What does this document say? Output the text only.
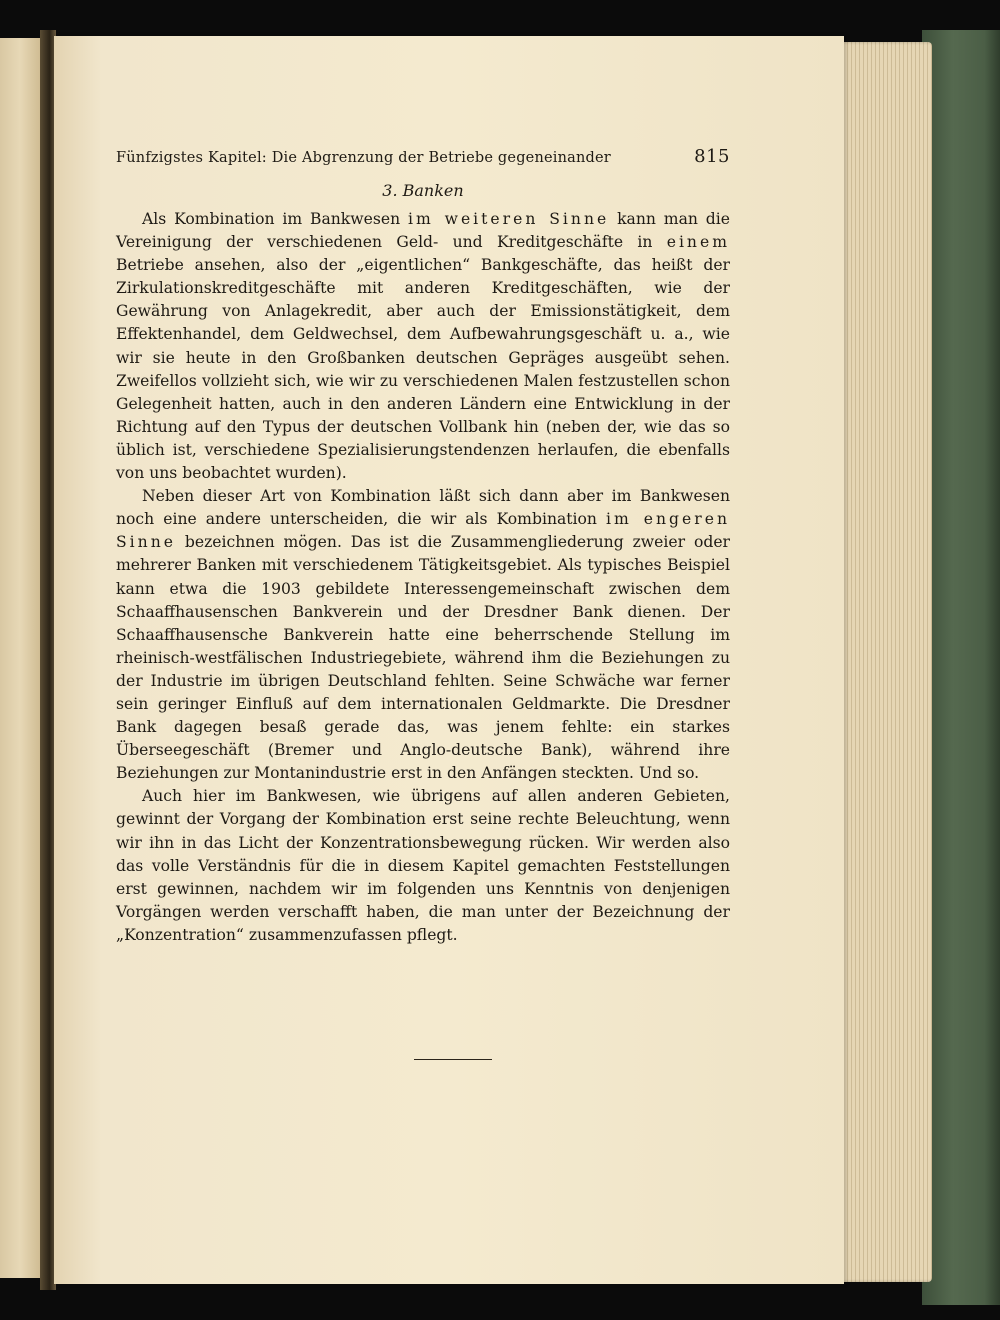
Fünfzigstes Kapitel: Die Abgrenzung der Betriebe gegeneinander	815
3. Banken

Als Kombination im Bankwesen im weiteren Sinne kann man die Vereinigung der verschiedenen Geld- und Kreditgeschäfte in einem Betriebe ansehen, also der „eigentlichen“ Bankgeschäfte, das heißt der Zirkulationskreditgeschäfte mit anderen Kreditgeschäften, wie der Gewährung von Anlagekredit, aber auch der Emissionstätigkeit, dem Effektenhandel, dem Geldwechsel, dem Aufbewahrungsgeschäft u. a., wie wir sie heute in den Großbanken deutschen Gepräges ausgeübt sehen. Zweifellos vollzieht sich, wie wir zu verschiedenen Malen festzustellen schon Gelegenheit hatten, auch in den anderen Ländern eine Entwicklung in der Richtung auf den Typus der deutschen Vollbank hin (neben der, wie das so üblich ist, verschiedene Spezialisierungstendenzen herlaufen, die ebenfalls von uns beobachtet wurden).

Neben dieser Art von Kombination läßt sich dann aber im Bankwesen noch eine andere unterscheiden, die wir als Kombination im engeren Sinne bezeichnen mögen. Das ist die Zusammengliederung zweier oder mehrerer Banken mit verschiedenem Tätigkeitsgebiet. Als typisches Beispiel kann etwa die 1903 gebildete Interessengemeinschaft zwischen dem Schaaffhausenschen Bankverein und der Dresdner Bank dienen. Der Schaaffhausensche Bankverein hatte eine beherrschende Stellung im rheinisch-westfälischen Industriegebiete, während ihm die Beziehungen zu der Industrie im übrigen Deutschland fehlten. Seine Schwäche war ferner sein geringer Einfluß auf dem internationalen Geldmarkte. Die Dresdner Bank dagegen besaß gerade das, was jenem fehlte: ein starkes Überseegeschäft (Bremer und Anglo-deutsche Bank), während ihre Beziehungen zur Montanindustrie erst in den Anfängen steckten. Und so.

Auch hier im Bankwesen, wie übrigens auf allen anderen Gebieten, gewinnt der Vorgang der Kombination erst seine rechte Beleuchtung, wenn wir ihn in das Licht der Konzentrationsbewegung rücken. Wir werden also das volle Verständnis für die in diesem Kapitel gemachten Feststellungen erst gewinnen, nachdem wir im folgenden uns Kenntnis von denjenigen Vorgängen werden verschafft haben, die man unter der Bezeichnung der „Konzentration“ zusammenzufassen pflegt.
